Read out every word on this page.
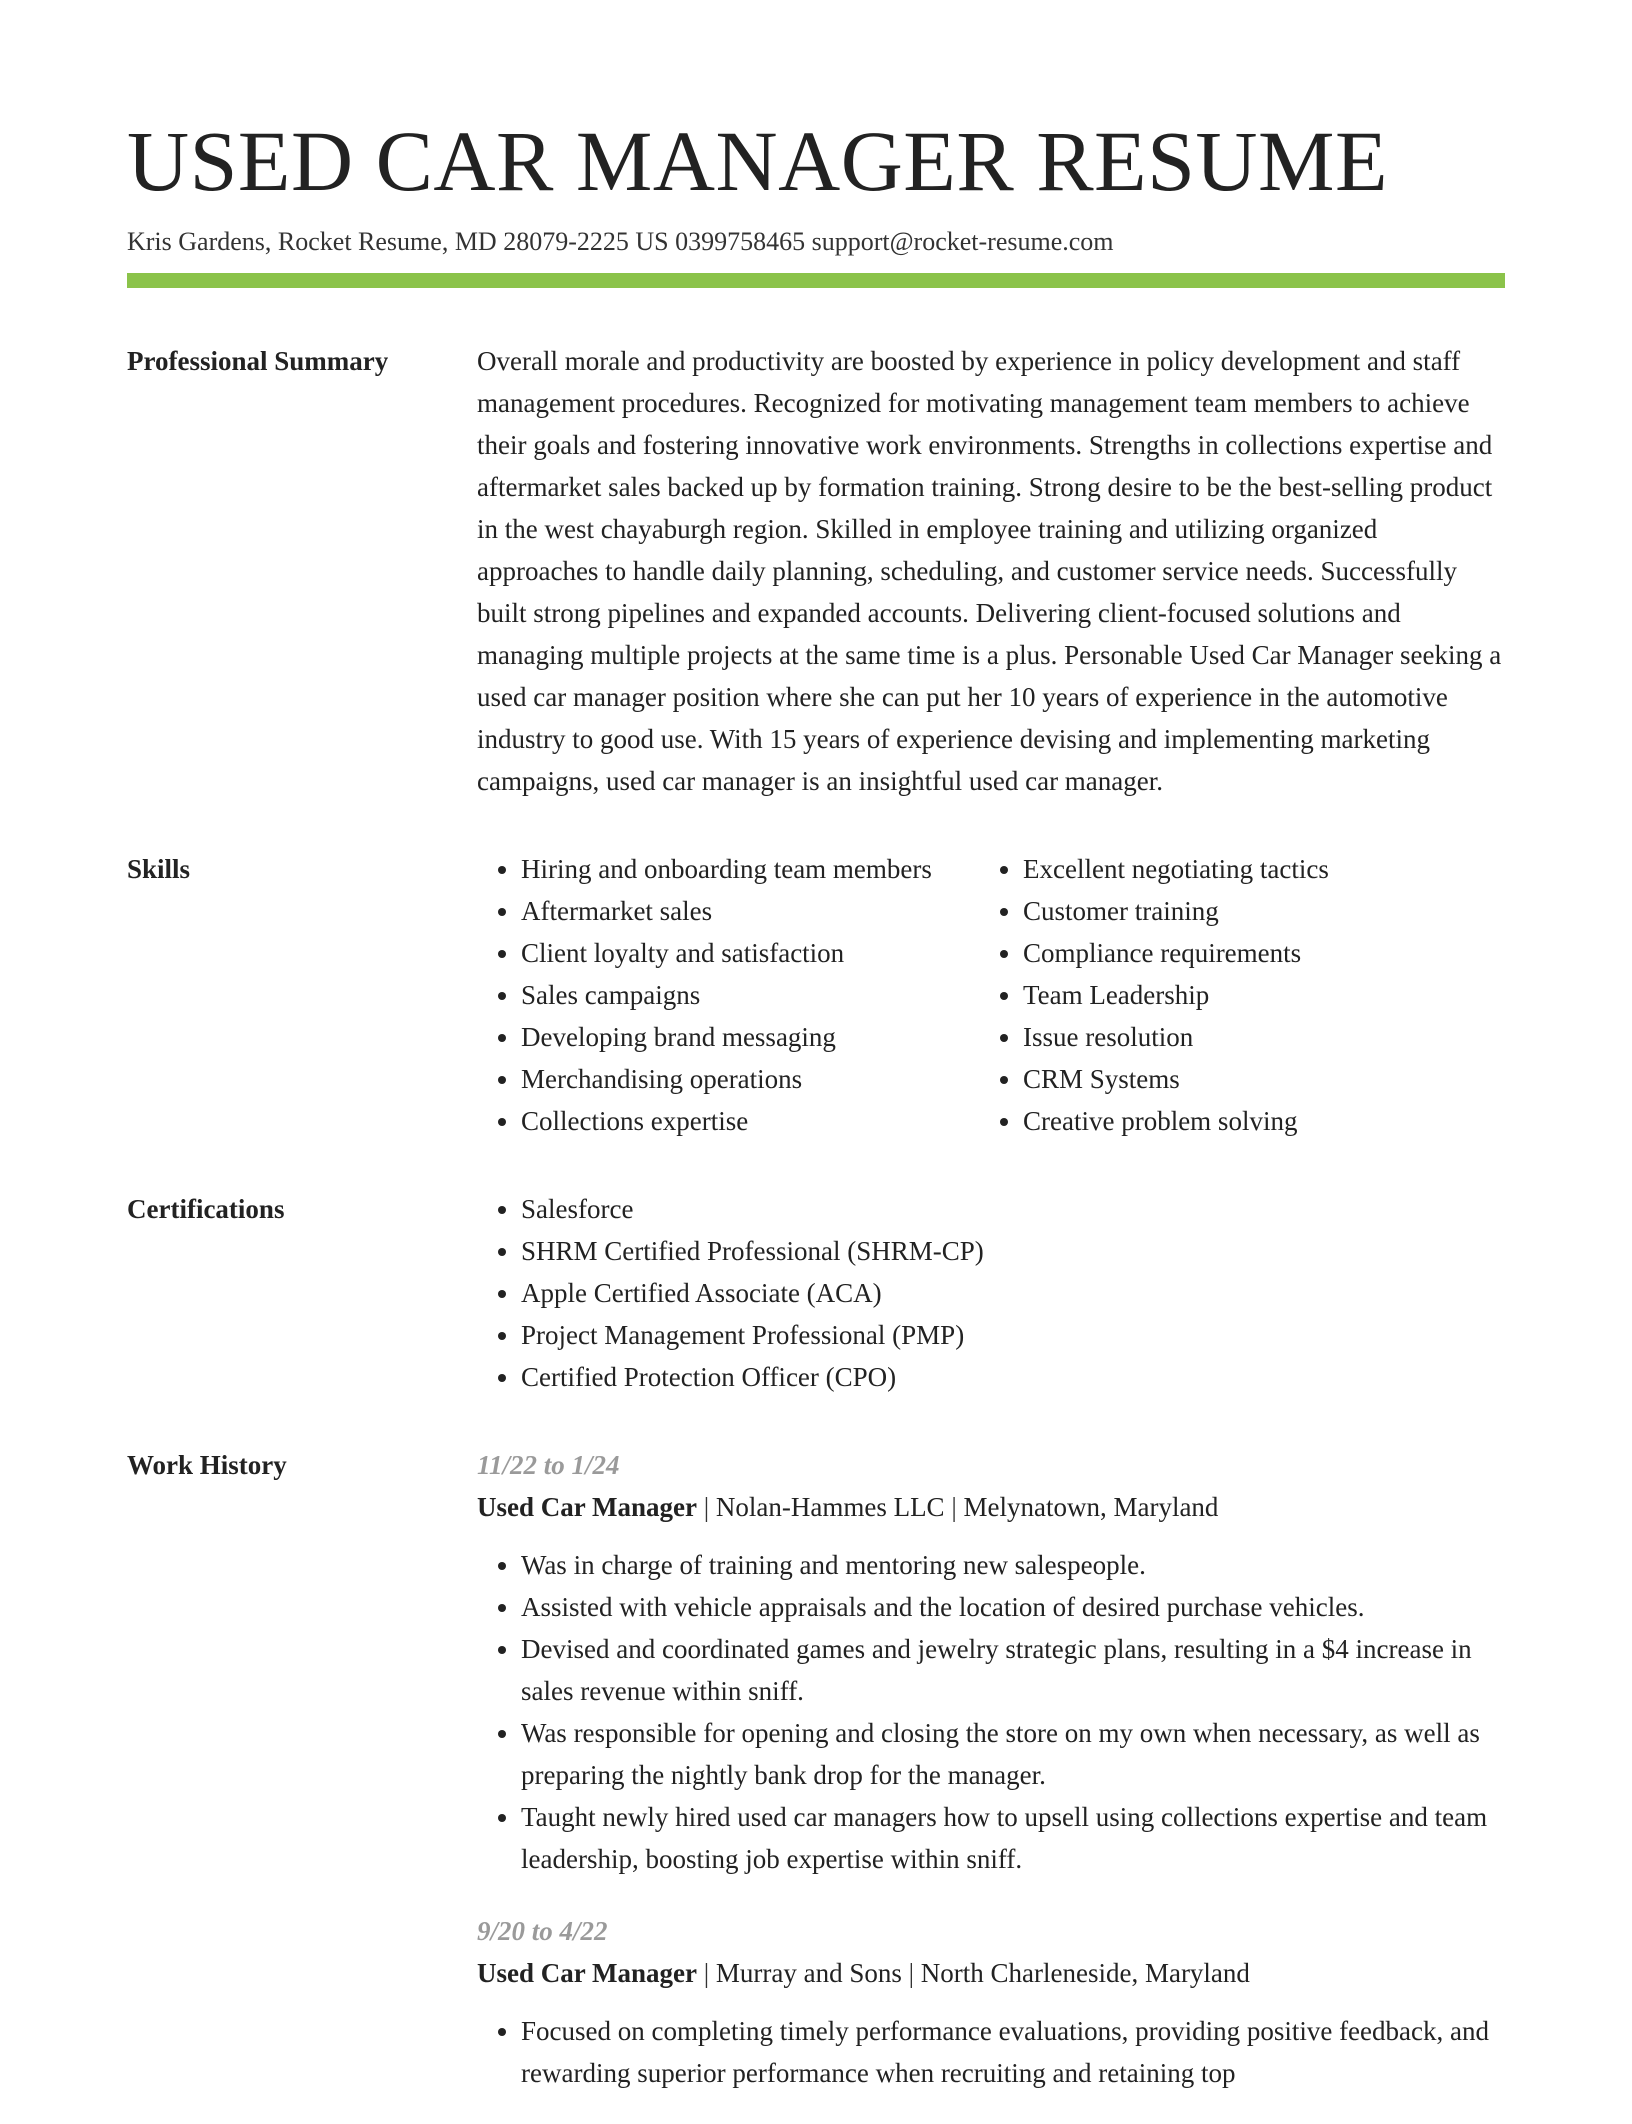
USED CAR MANAGER RESUME
Kris Gardens, Rocket Resume, MD 28079-2225 US 0399758465 support@rocket-resume.com
Professional Summary	Overall morale and productivity are boosted by experience in policy development and staff management procedures. Recognized for motivating management team members to achieve their goals and fostering innovative work environments. Strengths in collections expertise and aftermarket sales backed up by formation training. Strong desire to be the best-selling product in the west chayaburgh region. Skilled in employee training and utilizing organized approaches to handle daily planning, scheduling, and customer service needs. Successfully built strong pipelines and expanded accounts. Delivering client-focused solutions and managing multiple projects at the same time is a plus. Personable Used Car Manager seeking a used car manager position where she can put her 10 years of experience in the automotive industry to good use. With 15 years of experience devising and implementing marketing campaigns, used car manager is an insightful used car manager.

Skills	• Hiring and onboarding team members
• Aftermarket sales
• Client loyalty and satisfaction
• Sales campaigns
• Developing brand messaging
• Merchandising operations
• Collections expertise
• Excellent negotiating tactics
• Customer training
• Compliance requirements
• Team Leadership
• Issue resolution
• CRM Systems
• Creative problem solving
Certifications	• Salesforce
• SHRM Certified Professional (SHRM-CP)
• Apple Certified Associate (ACA)
• Project Management Professional (PMP)
• Certified Protection Officer (CPO)
Work History	11/22 to 1/24
Used Car Manager | Nolan-Hammes LLC | Melynatown, Maryland
• Was in charge of training and mentoring new salespeople.
• Assisted with vehicle appraisals and the location of desired purchase vehicles.
• Devised and coordinated games and jewelry strategic plans, resulting in a $4 increase in sales revenue within sniff.
• Was responsible for opening and closing the store on my own when necessary, as well as preparing the nightly bank drop for the manager.
• Taught newly hired used car managers how to upsell using collections expertise and team leadership, boosting job expertise within sniff.
9/20 to 4/22
Used Car Manager | Murray and Sons | North Charleneside, Maryland
• Focused on completing timely performance evaluations, providing positive feedback, and rewarding superior performance when recruiting and retaining top
